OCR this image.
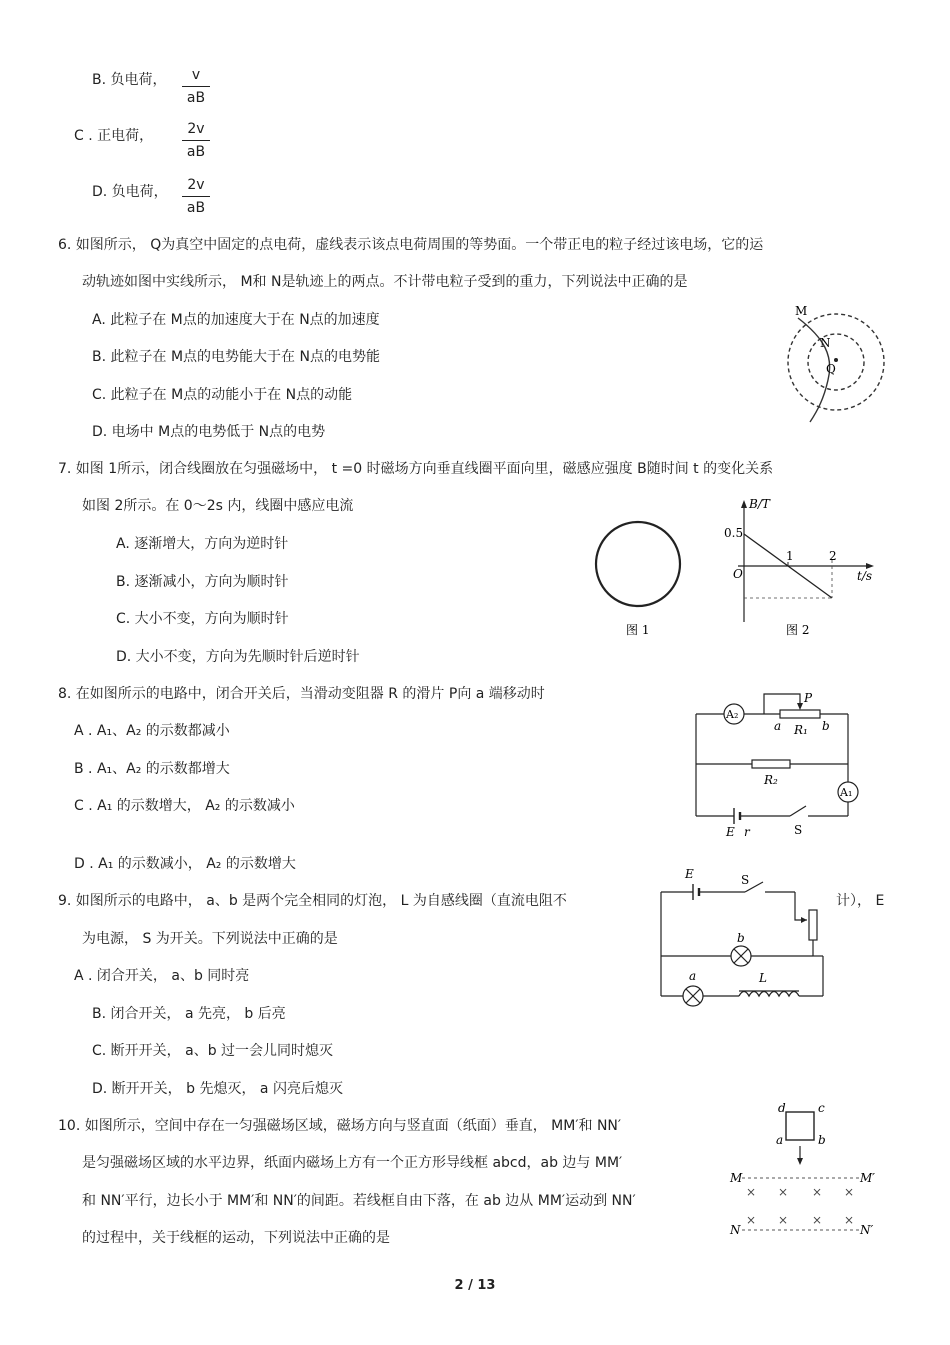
B. 负电荷，	v
aB
C . 正电荷，	2v
aB
D. 负电荷，	2v
aB
6. 如图所示， Q为真空中固定的点电荷，虚线表示该点电荷周围的等势面。一个带正电的粒子经过该电场，它的运
动轨迹如图中实线所示， M和 N是轨迹上的两点。不计带电粒子受到的重力，下列说法中正确的是
A. 此粒子在 M点的加速度大于在 N点的加速度
B. 此粒子在 M点的电势能大于在 N点的电势能
C. 此粒子在 M点的动能小于在 N点的动能
D. 电场中 M点的电势低于 N点的电势
M
N
Q
7. 如图 1所示，闭合线圈放在匀强磁场中， t =0 时磁场方向垂直线圈平面向里，磁感应强度 B随时间 t 的变化关系
如图 2所示。在 0～2s 内，线圈中感应电流
A. 逐渐增大，方向为逆时针
B. 逐渐减小，方向为顺时针
C. 大小不变，方向为顺时针
D. 大小不变，方向为先顺时针后逆时针
图 1
B/T
0.5
O
1	2
t/s
图 2
8. 在如图所示的电路中，闭合开关后，当滑动变阻器 R 的滑片 P向 a 端移动时
A . A₁、A₂ 的示数都减小
B . A₁、A₂ 的示数都增大
C . A₁ 的示数增大， A₂ 的示数减小
D . A₁ 的示数减小， A₂ 的示数增大
A₂
P
a	b
R₁
R₂
A₁
E r	S
9. 如图所示的电路中， a、b 是两个完全相同的灯泡， L 为自感线圈（直流电阻不	计）， E
为电源， S 为开关。下列说法中正确的是
A . 闭合开关， a、b 同时亮
B. 闭合开关， a 先亮， b 后亮
C. 断开开关， a、b 过一会儿同时熄灭
D. 断开开关， b 先熄灭， a 闪亮后熄灭
E	S
b
a	L
10. 如图所示，空间中存在一匀强磁场区域，磁场方向与竖直面（纸面）垂直， MM′和 NN′
是匀强磁场区域的水平边界，纸面内磁场上方有一个正方形导线框 abcd，ab 边与 MM′
和 NN′平行，边长小于 MM′和 NN′的间距。若线框自由下落，在 ab 边从 MM′运动到 NN′
的过程中，关于线框的运动，下列说法中正确的是
d	c
a	b
M	M′
N	N′
× × × ×
× × × ×
2 / 13
